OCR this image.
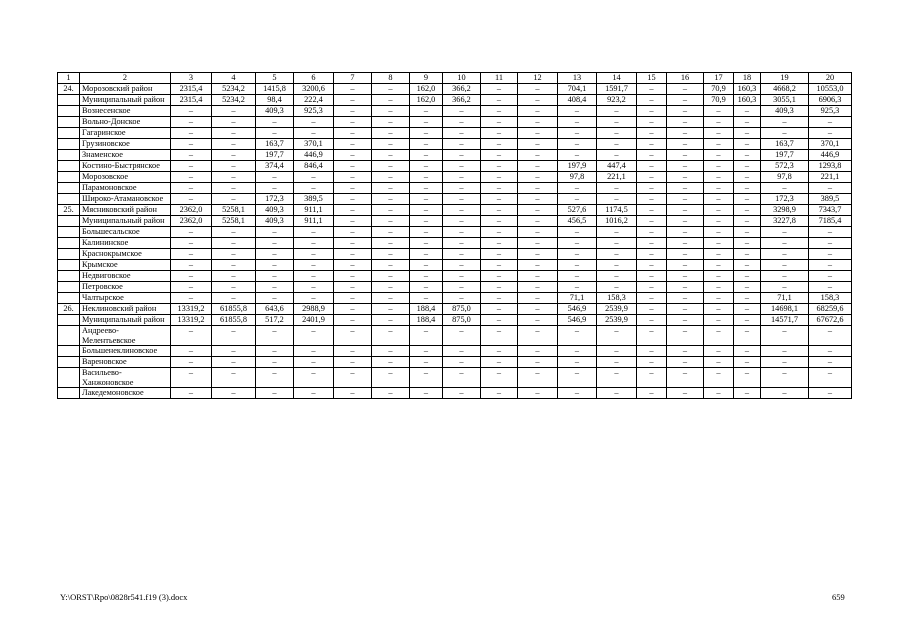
1	2	3	4	5	6	7	8	9	10	11	12	13	14	15	16	17	18	19	20
24.	Морозовский район	2315,4	5234,2	1415,8	3200,6	–	–	162,0	366,2	–	–	704,1	1591,7	–	–	70,9	160,3	4668,2	10553,0
	Муниципальный район	2315,4	5234,2	98,4	222,4	–	–	162,0	366,2	–	–	408,4	923,2	–	–	70,9	160,3	3055,1	6906,3
	Вознесенское	–	–	409,3	925,3	–	–	–	–	–	–	–	–	–	–	–	–	409,3	925,3
	Вольно-Донское	–	–	–	–	–	–	–	–	–	–	–	–	–	–	–	–	–	–
	Гагаринское	–	–	–	–	–	–	–	–	–	–	–	–	–	–	–	–	–	–
	Грузиновское	–	–	163,7	370,1	–	–	–	–	–	–	–	–	–	–	–	–	163,7	370,1
	Знаменское	–	–	197,7	446,9	–	–	–	–	–	–	–	–	–	–	–	–	197,7	446,9
	Костино-Быстрянское	–	–	374,4	846,4	–	–	–	–	–	–	197,9	447,4	–	–	–	–	572,3	1293,8
	Морозовское	–	–	–	–	–	–	–	–	–	–	97,8	221,1	–	–	–	–	97,8	221,1
	Парамоновское	–	–	–	–	–	–	–	–	–	–	–	–	–	–	–	–	–	–
	Широко-Атамановское	–	–	172,3	389,5	–	–	–	–	–	–	–	–	–	–	–	–	172,3	389,5
25.	Мясниковский район	2362,0	5258,1	409,3	911,1	–	–	–	–	–	–	527,6	1174,5	–	–	–	–	3298,9	7343,7
	Муниципальный район	2362,0	5258,1	409,3	911,1	–	–	–	–	–	–	456,5	1016,2	–	–	–	–	3227,8	7185,4
	Большесальское	–	–	–	–	–	–	–	–	–	–	–	–	–	–	–	–	–	–
	Калининское	–	–	–	–	–	–	–	–	–	–	–	–	–	–	–	–	–	–
	Краснокрымское	–	–	–	–	–	–	–	–	–	–	–	–	–	–	–	–	–	–
	Крымское	–	–	–	–	–	–	–	–	–	–	–	–	–	–	–	–	–	–
	Недвиговское	–	–	–	–	–	–	–	–	–	–	–	–	–	–	–	–	–	–
	Петровское	–	–	–	–	–	–	–	–	–	–	–	–	–	–	–	–	–	–
	Чалтырское	–	–	–	–	–	–	–	–	–	–	71,1	158,3	–	–	–	–	71,1	158,3
26.	Неклиновский район	13319,2	61855,8	643,6	2988,9	–	–	188,4	875,0	–	–	546,9	2539,9	–	–	–	–	14698,1	68259,6
	Муниципальный район	13319,2	61855,8	517,2	2401,9	–	–	188,4	875,0	–	–	546,9	2539,9	–	–	–	–	14571,7	67672,6
	Андреево-Мелентьевское	–	–	–	–	–	–	–	–	–	–	–	–	–	–	–	–	–	–
	Большенеклиновское	–	–	–	–	–	–	–	–	–	–	–	–	–	–	–	–	–	–
	Вареновское	–	–	–	–	–	–	–	–	–	–	–	–	–	–	–	–	–	–
	Васильево-Ханжоновское	–	–	–	–	–	–	–	–	–	–	–	–	–	–	–	–	–	–
	Лакедемоновское	–	–	–	–	–	–	–	–	–	–	–	–	–	–	–	–	–	–
Y:\ORST\Rpo\0828r541.f19 (3).docx	659
